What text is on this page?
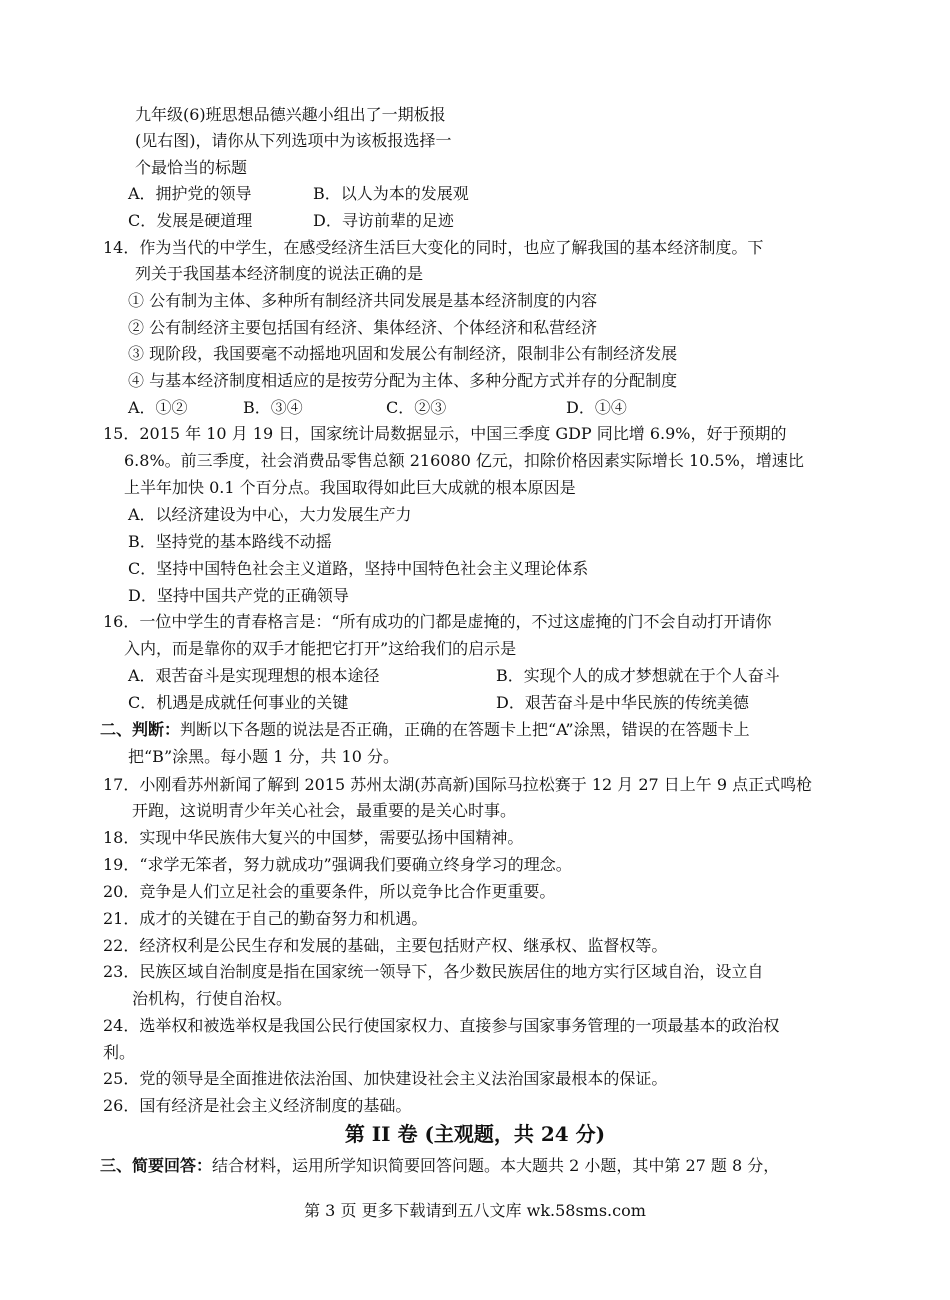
九年级(6)班思想品德兴趣小组出了一期板报
(见右图)，请你从下列选项中为该板报选择一
个最恰当的标题
A．拥护党的领导	B．以人为本的发展观
C．发展是硬道理	D．寻访前辈的足迹
14．作为当代的中学生，在感受经济生活巨大变化的同时，也应了解我国的基本经济制度。下
列关于我国基本经济制度的说法正确的是
① 公有制为主体、多种所有制经济共同发展是基本经济制度的内容
② 公有制经济主要包括国有经济、集体经济、个体经济和私营经济
③ 现阶段，我国要毫不动摇地巩固和发展公有制经济，限制非公有制经济发展
④ 与基本经济制度相适应的是按劳分配为主体、多种分配方式并存的分配制度
A．①②	B．③④	C．②③	D．①④
15．2015 年 10 月 19 日，国家统计局数据显示，中国三季度 GDP 同比增 6.9%，好于预期的
6.8%。前三季度，社会消费品零售总额 216080 亿元，扣除价格因素实际增长 10.5%，增速比
上半年加快 0.1 个百分点。我国取得如此巨大成就的根本原因是
A．以经济建设为中心，大力发展生产力
B．坚持党的基本路线不动摇
C．坚持中国特色社会主义道路，坚持中国特色社会主义理论体系
D．坚持中国共产党的正确领导
16．一位中学生的青春格言是：“所有成功的门都是虚掩的，不过这虚掩的门不会自动打开请你
入内，而是靠你的双手才能把它打开”这给我们的启示是
A．艰苦奋斗是实现理想的根本途径	B．实现个人的成才梦想就在于个人奋斗
C．机遇是成就任何事业的关键	D．艰苦奋斗是中华民族的传统美德
二、判断：判断以下各题的说法是否正确，正确的在答题卡上把“A”涂黑，错误的在答题卡上
把“B”涂黑。每小题 1 分，共 10 分。
17．小刚看苏州新闻了解到 2015 苏州太湖(苏高新)国际马拉松赛于 12 月 27 日上午 9 点正式鸣枪
开跑，这说明青少年关心社会，最重要的是关心时事。
18．实现中华民族伟大复兴的中国梦，需要弘扬中国精神。
19．“求学无笨者，努力就成功”强调我们要确立终身学习的理念。
20．竞争是人们立足社会的重要条件，所以竞争比合作更重要。
21．成才的关键在于自己的勤奋努力和机遇。
22．经济权利是公民生存和发展的基础，主要包括财产权、继承权、监督权等。
23．民族区域自治制度是指在国家统一领导下，各少数民族居住的地方实行区域自治，设立自
治机构，行使自治权。
24．选举权和被选举权是我国公民行使国家权力、直接参与国家事务管理的一项最基本的政治权
利。
25．党的领导是全面推进依法治国、加快建设社会主义法治国家最根本的保证。
26．国有经济是社会主义经济制度的基础。
第 II 卷 (主观题，共 24 分)
三、简要回答：结合材料，运用所学知识简要回答问题。本大题共 2 小题，其中第 27 题 8 分，
第 3 页 更多下载请到五八文库 wk.58sms.com
